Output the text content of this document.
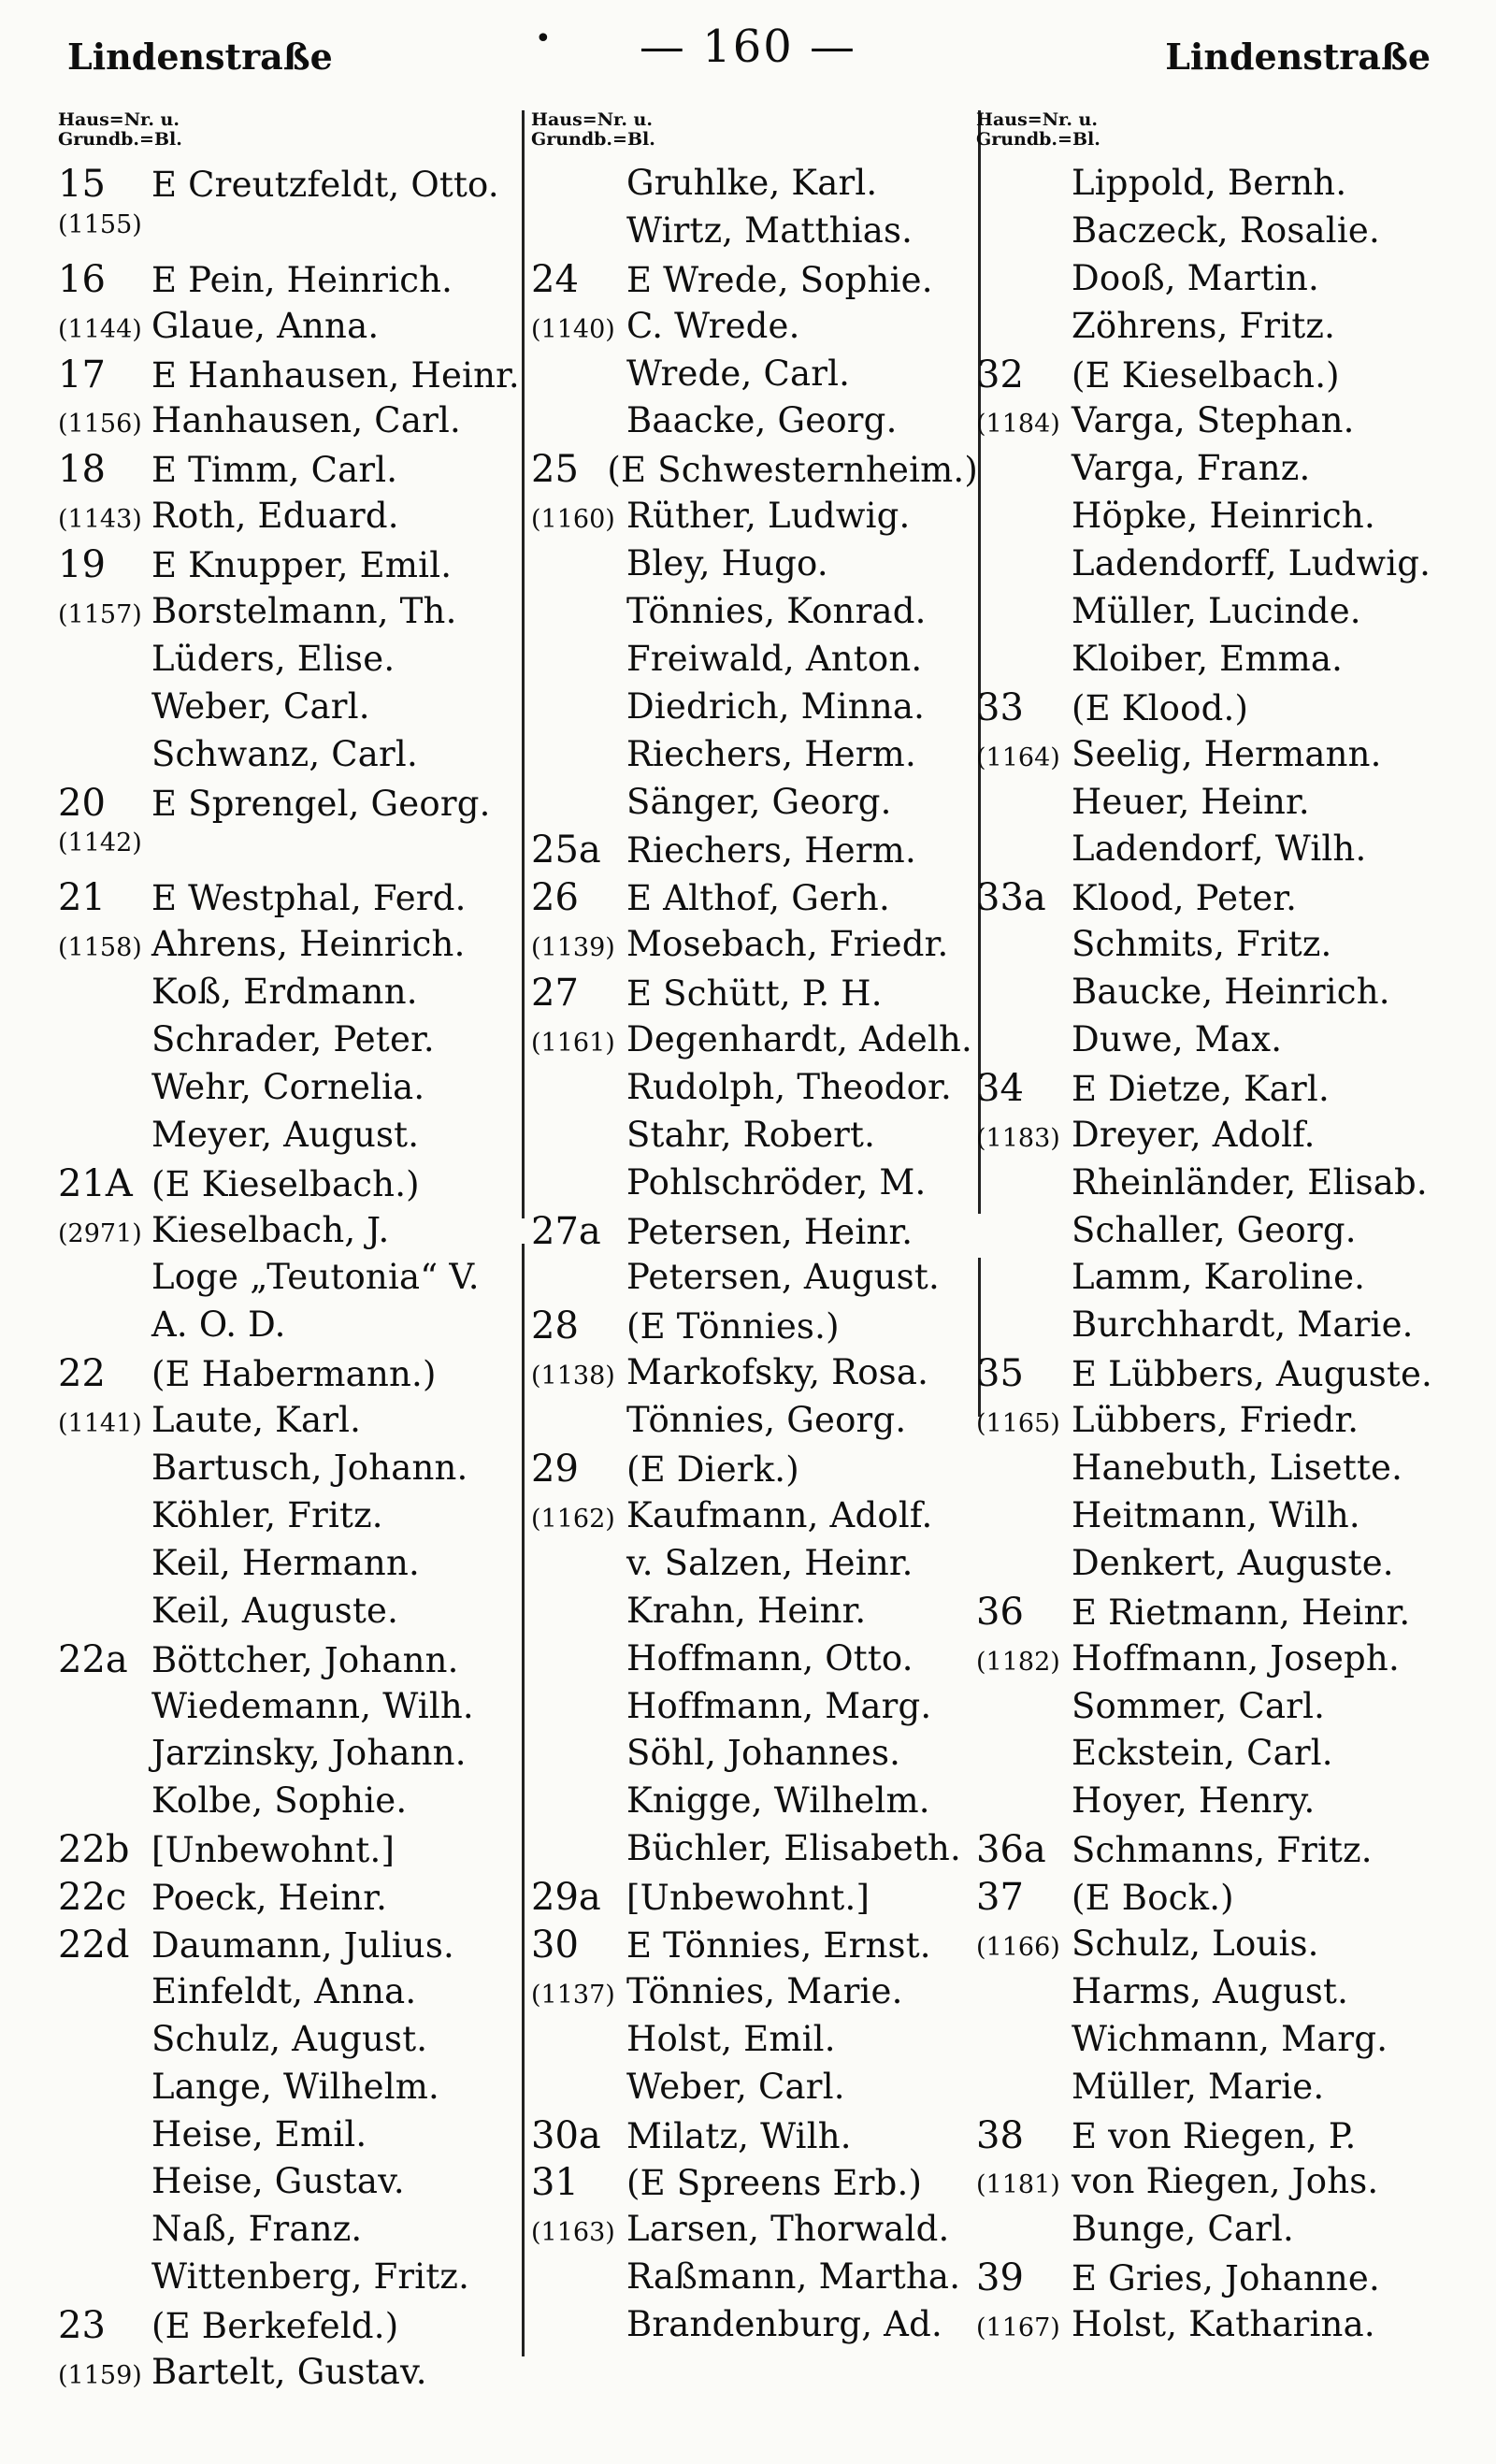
Lindenstraße	•	— 160 —	Lindenstraße
Haus=Nr. u.
Grundb.=Bl.
15	E Creutzfeldt, Otto.
(1155)
16	E Pein, Heinrich.
(1144) Glaue, Anna.
17	E Hanhausen, Heinr.
(1156) Hanhausen, Carl.
18	E Timm, Carl.
(1143) Roth, Eduard.
19	E Knupper, Emil.
(1157) Borstelmann, Th.
Lüders, Elise.
Weber, Carl.
Schwanz, Carl.
20	E Sprengel, Georg.
(1142)
21	E Westphal, Ferd.
(1158) Ahrens, Heinrich.
Koß, Erdmann.
Schrader, Peter.
Wehr, Cornelia.
Meyer, August.
21A (E Kieselbach.)
(2971) Kieselbach, J.
Loge „Teutonia“ V.
A. O. D.
22	(E Habermann.)
(1141) Laute, Karl.
Bartusch, Johann.
Köhler, Fritz.
Keil, Hermann.
Keil, Auguste.
22a Böttcher, Johann.
Wiedemann, Wilh.
Jarzinsky, Johann.
Kolbe, Sophie.
22b [Unbewohnt.]
22c Poeck, Heinr.
22d Daumann, Julius.
Einfeldt, Anna.
Schulz, August.
Lange, Wilhelm.
Heise, Emil.
Heise, Gustav.
Naß, Franz.
Wittenberg, Fritz.
23	(E Berkefeld.)
(1159) Bartelt, Gustav.
Haus=Nr. u.
Grundb.=Bl.
Gruhlke, Karl.
Wirtz, Matthias.
24	E Wrede, Sophie.
(1140) C. Wrede.
Wrede, Carl.
Baacke, Georg.
25 (E Schwesternheim.)
(1160) Rüther, Ludwig.
Bley, Hugo.
Tönnies, Konrad.
Freiwald, Anton.
Diedrich, Minna.
Riechers, Herm.
Sänger, Georg.
25a Riechers, Herm.
26	E Althof, Gerh.
(1139) Mosebach, Friedr.
27	E Schütt, P. H.
(1161) Degenhardt, Adelh.
Rudolph, Theodor.
Stahr, Robert.
Pohlschröder, M.
27a Petersen, Heinr.
Petersen, August.
28	(E Tönnies.)
(1138) Markofsky, Rosa.
Tönnies, Georg.
29	(E Dierk.)
(1162) Kaufmann, Adolf.
v. Salzen, Heinr.
Krahn, Heinr.
Hoffmann, Otto.
Hoffmann, Marg.
Söhl, Johannes.
Knigge, Wilhelm.
Büchler, Elisabeth.
29a [Unbewohnt.]
30	E Tönnies, Ernst.
(1137) Tönnies, Marie.
Holst, Emil.
Weber, Carl.
30a Milatz, Wilh.
31	(E Spreens Erb.)
(1163) Larsen, Thorwald.
Raßmann, Martha.
Brandenburg, Ad.
Haus=Nr. u.
Grundb.=Bl.
Lippold, Bernh.
Baczeck, Rosalie.
Dooß, Martin.
Zöhrens, Fritz.
32	(E Kieselbach.)
(1184) Varga, Stephan.
Varga, Franz.
Höpke, Heinrich.
Ladendorff, Ludwig.
Müller, Lucinde.
Kloiber, Emma.
33	(E Klood.)
(1164) Seelig, Hermann.
Heuer, Heinr.
Ladendorf, Wilh.
33a Klood, Peter.
Schmits, Fritz.
Baucke, Heinrich.
Duwe, Max.
34	E Dietze, Karl.
(1183) Dreyer, Adolf.
Rheinländer, Elisab.
Schaller, Georg.
Lamm, Karoline.
Burchhardt, Marie.
35	E Lübbers, Auguste.
(1165) Lübbers, Friedr.
Hanebuth, Lisette.
Heitmann, Wilh.
Denkert, Auguste.
36	E Rietmann, Heinr.
(1182) Hoffmann, Joseph.
Sommer, Carl.
Eckstein, Carl.
Hoyer, Henry.
36a Schmanns, Fritz.
37	(E Bock.)
(1166) Schulz, Louis.
Harms, August.
Wichmann, Marg.
Müller, Marie.
38	E von Riegen, P.
(1181) von Riegen, Johs.
Bunge, Carl.
39	E Gries, Johanne.
(1167) Holst, Katharina.
